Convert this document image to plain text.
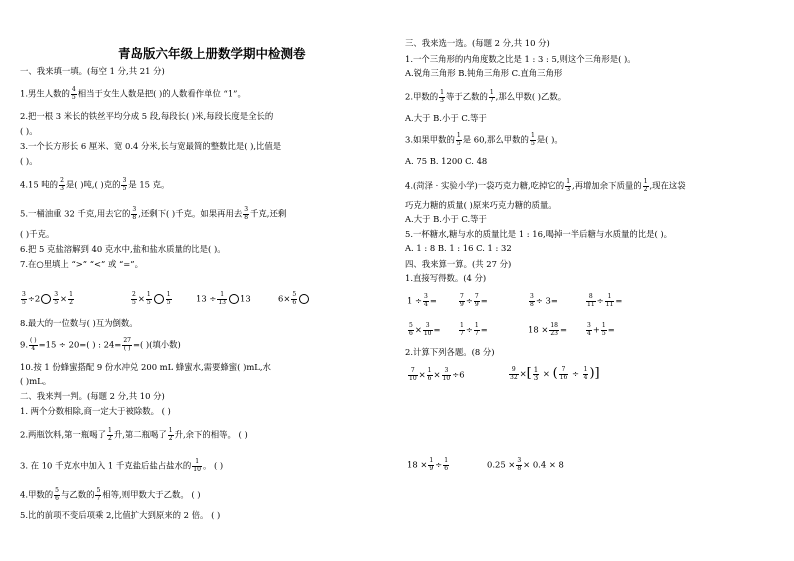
青岛版六年级上册数学期中检测卷
一、我来填一填。(每空 1 分,共 21 分)
1.男生人数的 $\frac{4}{5}$ 相当于女生人数是把( )的人数看作单位 “1”。
2.把一根 3 米长的铁丝平均分成 5 段,每段长( )米,每段长度是全长的
( )。
3.一个长方形长 6 厘米、宽 0.4 分米,长与宽最简的整数比是( ),比值是
( )。
4.15 吨的 $\frac{2}{3}$ 是( )吨,( )克的 $\frac{3}{5}$ 是 15 克。
5.一桶油重 32 千克,用去它的 $\frac{3}{8}$ ,还剩下( )千克。如果再用去 $\frac{3}{8}$ 千克,还剩
( )千克。
6.把 5 克盐溶解到 40 克水中,盐和盐水质量的比是( )。
7.在○里填上 “>” “<” 或 “=”。
$\frac{3}{5} \div 2 \frac{3}{5} \times \frac{1}{2}$	$\frac{2}{5} \times \frac{1}{5} \frac{1}{5}$	$13 \div \frac{1}{13} 13$	$6\times \frac{5}{6}$
8.最大的一位数与( )互为倒数。
9. ( )
4 =15 ÷ 20=( ) : 24= 27
( ) =( )(填小数)
10.按 1 份蜂蜜搭配 9 份水冲兑 200 mL 蜂蜜水,需要蜂蜜( )mL,水
( )mL。
二、我来判一判。(每题 2 分,共 10 分)
1. 两个分数相除,商一定大于被除数。 ( )
2.两瓶饮料,第一瓶喝了 $\frac{1}{2}$ 升,第二瓶喝了 $\frac{1}{2}$ 升,余下的相等。 ( )
3. 在 10 千克水中加入 1 千克盐后盐占盐水的 $\frac{1}{10}$ 。 ( )
4.甲数的 $\frac{5}{6}$ 与乙数的 $\frac{5}{7}$ 相等,则甲数大于乙数。 ( )
5.比的前项不变后项乘 2,比值扩大到原来的 2 倍。 ( )
三、我来选一选。(每题 2 分,共 10 分)
1.一个三角形的内角度数之比是 1 : 3 : 5,则这个三角形是( )。
A.锐角三角形 B.钝角三角形 C.直角三角形
2.甲数的 $\frac{1}{3}$ 等于乙数的 $\frac{1}{7}$ ,那么甲数( )乙数。
A.大于 B.小于 C.等于
3.如果甲数的 $\frac{1}{5}$ 是 60,那么甲数的 $\frac{1}{5}$ 是( )。
A. 75 B. 1200 C. 48
4.(菏泽 · 实验小学)一袋巧克力糖,吃掉它的 $\frac{1}{3}$ ,再增加余下质量的 $\frac{1}{2}$ ,现在这袋
巧克力糖的质量( )原来巧克力糖的质量。
A.大于 B.小于 C.等于
5.一杯糖水,糖与水的质量比是 1 : 16,喝掉一半后糖与水质量的比是( )。
A. 1 : 8 B. 1 : 16 C. 1 : 32
四、我来算一算。(共 27 分)
1.直接写得数。(4 分)
$1 \div \frac{3}{4}$ =	$\frac{7}{9} \div \frac{7}{9}$ =	$\frac{3}{8} \div 3=$	$\frac{8}{11} \div \frac{1}{11}$ =
$\frac{5}{6} \times \frac{3}{10}$ =	$\frac{1}{7} \div \frac{1}{7}$ =	$18 \times \frac{18}{23}$ =	$\frac{3}{4} + \frac{1}{5}$ =
2.计算下列各题。(8 分)
$\frac{7}{10} \times \frac{1}{6} \times \frac{3}{10} \div 6$	$\frac{9}{32}$ ×[ $\frac{1}{3}$ × ( $\frac{7}{16} \div \frac{1}{4}$ )]
$18 \times \frac{1}{9} \div \frac{1}{6}$	$0.25 \times \frac{3}{8} \times 0.4 \times 8$
